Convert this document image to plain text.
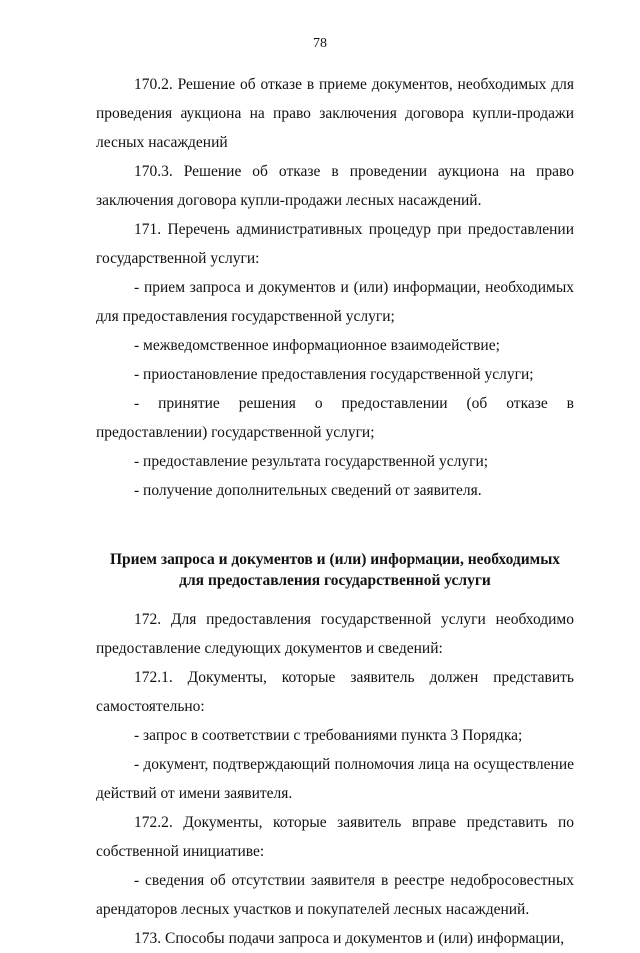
78

170.2. Решение об отказе в приеме документов, необходимых для проведения аукциона на право заключения договора купли-продажи лесных насаждений

170.3. Решение об отказе в проведении аукциона на право заключения договора купли-продажи лесных насаждений.

171. Перечень административных процедур при предоставлении государственной услуги:

- прием запроса и документов и (или) информации, необходимых для предоставления государственной услуги;

- межведомственное информационное взаимодействие;

- приостановление предоставления государственной услуги;

- принятие решения о предоставлении (об отказе в предоставлении) государственной услуги;

- предоставление результата государственной услуги;

- получение дополнительных сведений от заявителя.

Прием запроса и документов и (или) информации, необходимых
для предоставления государственной услуги

172. Для предоставления государственной услуги необходимо предоставление следующих документов и сведений:

172.1. Документы, которые заявитель должен представить самостоятельно:

- запрос в соответствии с требованиями пункта 3 Порядка;

- документ, подтверждающий полномочия лица на осуществление действий от имени заявителя.

172.2. Документы, которые заявитель вправе представить по собственной инициативе:

- сведения об отсутствии заявителя в реестре недобросовестных арендаторов лесных участков и покупателей лесных насаждений.

173. Способы подачи запроса и документов и (или) информации,
